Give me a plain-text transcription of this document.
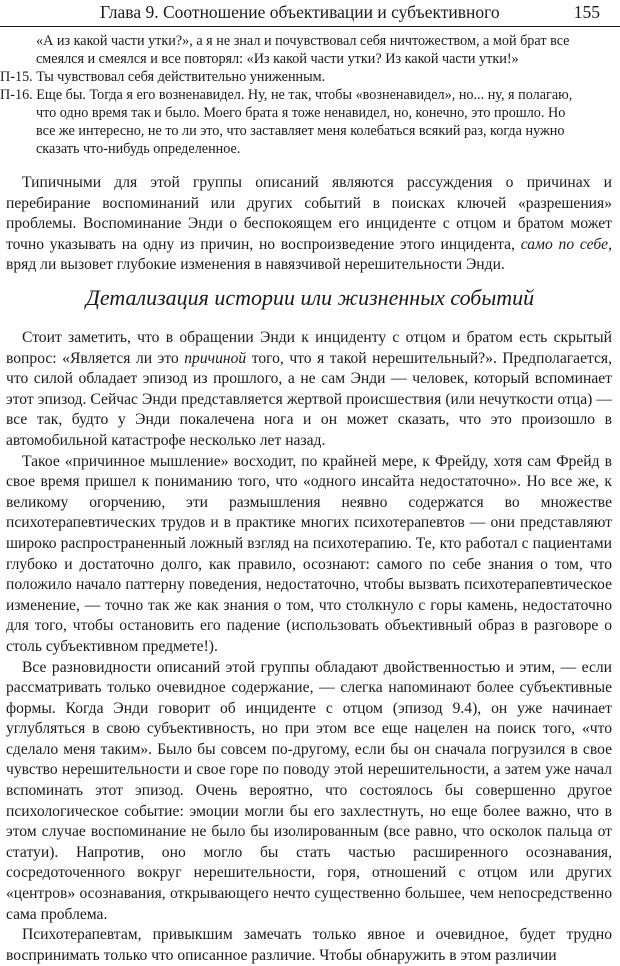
Глава 9. Соотношение объективации и субъективного	155
«А из какой части утки?», а я не знал и почувствовал себя ничтожеством, а мой брат все
смеялся и смеялся и все повторял: «Из какой части утки? Из какой части утки!»
П-15. Ты чувствовал себя действительно униженным.
П-16. Еще бы. Тогда я его возненавидел. Ну, не так, чтобы «возненавидел», но... ну, я полагаю,
что одно время так и было. Моего брата я тоже ненавидел, но, конечно, это прошло. Но
все же интересно, не то ли это, что заставляет меня колебаться всякий раз, когда нужно
сказать что-нибудь определенное.

Типичными для этой группы описаний являются рассуждения о причинах и перебирание воспоминаний или других событий в поисках ключей «разрешения» проблемы. Воспоминание Энди о беспокоящем его инциденте с отцом и братом может точно указывать на одну из причин, но воспроизведение этого инцидента, само по себе, вряд ли вызовет глубокие изменения в навязчивой нерешительности Энди.

Детализация истории или жизненных событий

Стоит заметить, что в обращении Энди к инциденту с отцом и братом есть скрытый вопрос: «Является ли это причиной того, что я такой нерешительный?». Предполагается, что силой обладает эпизод из прошлого, а не сам Энди — человек, который вспоминает этот эпизод. Сейчас Энди представляется жертвой происшествия (или нечуткости отца) — все так, будто у Энди покалечена нога и он может сказать, что это произошло в автомобильной катастрофе несколько лет назад.

Такое «причинное мышление» восходит, по крайней мере, к Фрейду, хотя сам Фрейд в свое время пришел к пониманию того, что «одного инсайта недостаточно». Но все же, к великому огорчению, эти размышления неявно содержатся во множестве психотерапевтических трудов и в практике многих психотерапевтов — они представляют широко распространенный ложный взгляд на психотерапию. Те, кто работал с пациентами глубоко и достаточно долго, как правило, осознают: самого по себе знания о том, что положило начало паттерну поведения, недостаточно, чтобы вызвать психотерапевтическое изменение, — точно так же как знания о том, что столкнуло с горы камень, недостаточно для того, чтобы остановить его падение (использовать объективный образ в разговоре о столь субъективном предмете!).

Все разновидности описаний этой группы обладают двойственностью и этим, — если рассматривать только очевидное содержание, — слегка напоминают более субъективные формы. Когда Энди говорит об инциденте с отцом (эпизод 9.4), он уже начинает углубляться в свою субъективность, но при этом все еще нацелен на поиск того, «что сделало меня таким». Было бы совсем по-другому, если бы он сначала погрузился в свое чувство нерешительности и свое горе по поводу этой нерешительности, а затем уже начал вспоминать этот эпизод. Очень вероятно, что состоялось бы совершенно другое психологическое событие: эмоции могли бы его захлестнуть, но еще более важно, что в этом случае воспоминание не было бы изолированным (все равно, что осколок пальца от статуи). Напротив, оно могло бы стать частью расширенного осознавания, сосредоточенного вокруг нерешительности, горя, отношений с отцом или других «центров» осознавания, открывающего нечто существенно большее, чем непосредственно сама проблема.

Психотерапевтам, привыкшим замечать только явное и очевидное, будет трудно воспринимать только что описанное различие. Чтобы обнаружить в этом различии
